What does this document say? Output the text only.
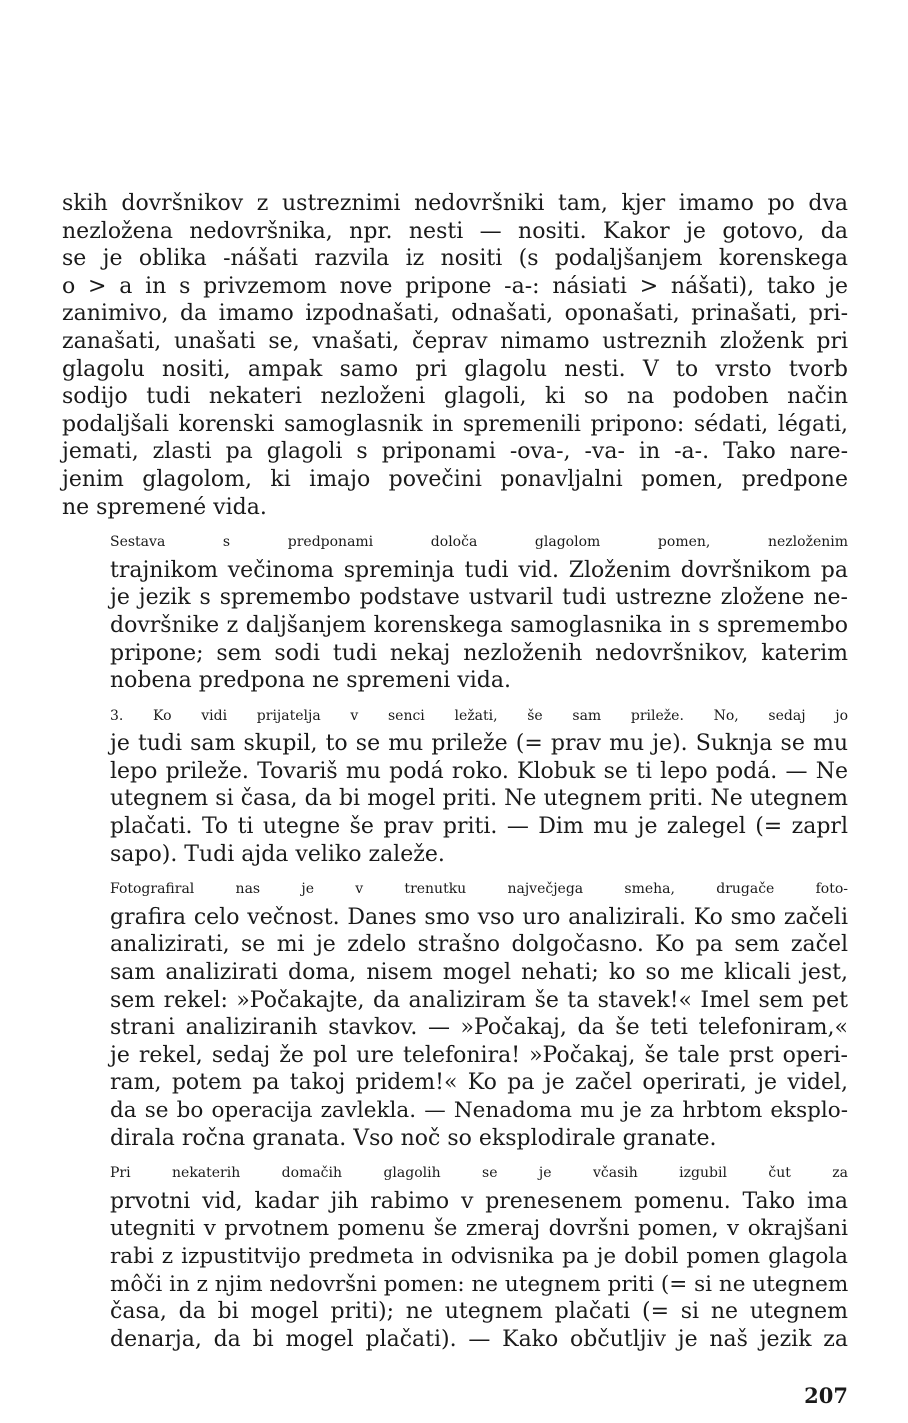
skih dovršnikov z ustreznimi nedovršniki tam, kjer imamo po dva
nezložena nedovršnika, npr. nesti — nositi. Kakor je gotovo, da
se je oblika -nášati razvila iz nositi (s podaljšanjem korenskega
o > a in s privzemom nove pripone -a-: násiati > nášati), tako je
zanimivo, da imamo izpodnašati, odnašati, oponašati, prinašati, pri-
zanašati, unašati se, vnašati, čeprav nimamo ustreznih zloženk pri
glagolu nositi, ampak samo pri glagolu nesti. V to vrsto tvorb
sodijo tudi nekateri nezloženi glagoli, ki so na podoben način
podaljšali korenski samoglasnik in spremenili pripono: sédati, légati,
jemati, zlasti pa glagoli s priponami -ova-, -va- in -a-. Tako nare-
jenim glagolom, ki imajo povečini ponavljalni pomen, predpone
ne spremené vida.
Sestava s predponami določa glagolom pomen, nezloženim
trajnikom večinoma spreminja tudi vid. Zloženim dovršnikom pa
je jezik s spremembo podstave ustvaril tudi ustrezne zložene ne-
dovršnike z daljšanjem korenskega samoglasnika in s spremembo
pripone; sem sodi tudi nekaj nezloženih nedovršnikov, katerim
nobena predpona ne spremeni vida.
3. Ko vidi prijatelja v senci ležati, še sam prileže. No, sedaj jo
je tudi sam skupil, to se mu prileže (= prav mu je). Suknja se mu
lepo prileže. Tovariš mu podá roko. Klobuk se ti lepo podá. — Ne
utegnem si časa, da bi mogel priti. Ne utegnem priti. Ne utegnem
plačati. To ti utegne še prav priti. — Dim mu je zalegel (= zaprl
sapo). Tudi ajda veliko zaleže.
Fotografiral nas je v trenutku največjega smeha, drugače foto-
grafira celo večnost. Danes smo vso uro analizirali. Ko smo začeli
analizirati, se mi je zdelo strašno dolgočasno. Ko pa sem začel
sam analizirati doma, nisem mogel nehati; ko so me klicali jest,
sem rekel: »Počakajte, da analiziram še ta stavek!« Imel sem pet
strani analiziranih stavkov. — »Počakaj, da še teti telefoniram,«
je rekel, sedaj že pol ure telefonira! »Počakaj, še tale prst operi-
ram, potem pa takoj pridem!« Ko pa je začel operirati, je videl,
da se bo operacija zavlekla. — Nenadoma mu je za hrbtom eksplo-
dirala ročna granata. Vso noč so eksplodirale granate.
Pri nekaterih domačih glagolih se je včasih izgubil čut za
prvotni vid, kadar jih rabimo v prenesenem pomenu. Tako ima
utegniti v prvotnem pomenu še zmeraj dovršni pomen, v okrajšani
rabi z izpustitvijo predmeta in odvisnika pa je dobil pomen glagola
môči in z njim nedovršni pomen: ne utegnem priti (= si ne utegnem
časa, da bi mogel priti); ne utegnem plačati (= si ne utegnem
denarja, da bi mogel plačati). — Kako občutljiv je naš jezik za
207
